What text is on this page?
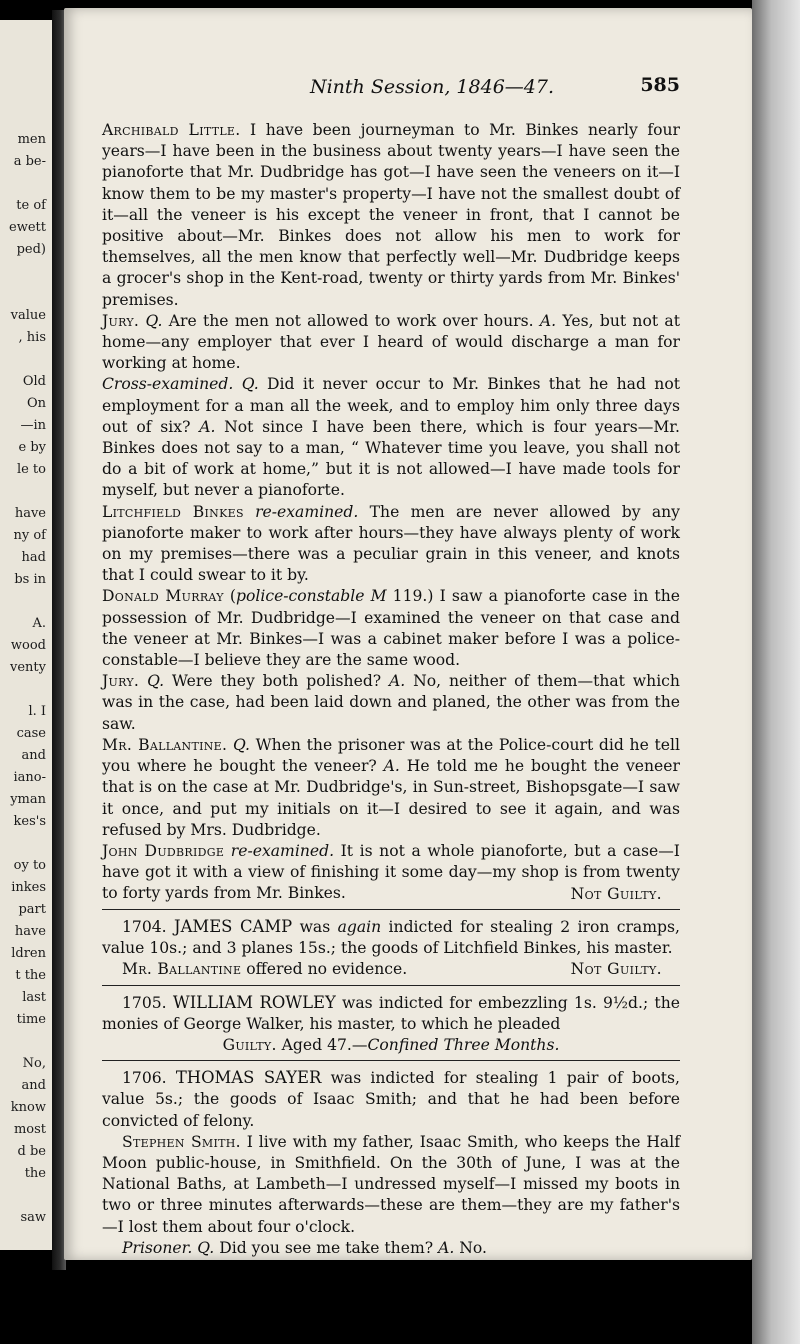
men
a be-
te of
ewett
ped)
value
, his
Old
On
—in
e by
le to
have
ny of
had
bs in
A.
wood
venty
l. I
case
and
iano-
yman
kes's
oy to
inkes
part
have
ldren
t the
last
time
No,
and
know
most
d be
the
saw
Ninth Session, 1846—47.	585

Archibald Little. I have been journeyman to Mr. Binkes nearly four years—I have been in the business about twenty years—I have seen the pianoforte that Mr. Dudbridge has got—I have seen the veneers on it—I know them to be my master's property—I have not the smallest doubt of it—all the veneer is his except the veneer in front, that I cannot be positive about—Mr. Binkes does not allow his men to work for themselves, all the men know that perfectly well—Mr. Dudbridge keeps a grocer's shop in the Kent-road, twenty or thirty yards from Mr. Binkes' premises.

Jury. Q. Are the men not allowed to work over hours. A. Yes, but not at home—any employer that ever I heard of would discharge a man for working at home.

Cross-examined. Q. Did it never occur to Mr. Binkes that he had not employment for a man all the week, and to employ him only three days out of six? A. Not since I have been there, which is four years—Mr. Binkes does not say to a man, “ Whatever time you leave, you shall not do a bit of work at home,” but it is not allowed—I have made tools for myself, but never a pianoforte.

Litchfield Binkes re-examined. The men are never allowed by any pianoforte maker to work after hours—they have always plenty of work on my premises—there was a peculiar grain in this veneer, and knots that I could swear to it by.

Donald Murray (police-constable M 119.) I saw a pianoforte case in the possession of Mr. Dudbridge—I examined the veneer on that case and the veneer at Mr. Binkes—I was a cabinet maker before I was a police-constable—I believe they are the same wood.

Jury. Q. Were they both polished? A. No, neither of them—that which was in the case, had been laid down and planed, the other was from the saw.

Mr. Ballantine. Q. When the prisoner was at the Police-court did he tell you where he bought the veneer? A. He told me he bought the veneer that is on the case at Mr. Dudbridge's, in Sun-street, Bishopsgate—I saw it once, and put my initials on it—I desired to see it again, and was refused by Mrs. Dudbridge.

John Dudbridge re-examined. It is not a whole pianoforte, but a case—I have got it with a view of finishing it some day—my shop is from twenty to forty yards from Mr. Binkes.	Not Guilty.

1704. JAMES CAMP was again indicted for stealing 2 iron cramps, value 10s.; and 3 planes 15s.; the goods of Litchfield Binkes, his master.

Mr. Ballantine offered no evidence.	Not Guilty.

1705. WILLIAM ROWLEY was indicted for embezzling 1s. 9½d.; the monies of George Walker, his master, to which he pleaded

Guilty. Aged 47.—Confined Three Months.

1706. THOMAS SAYER was indicted for stealing 1 pair of boots, value 5s.; the goods of Isaac Smith; and that he had been before convicted of felony.

Stephen Smith. I live with my father, Isaac Smith, who keeps the Half Moon public-house, in Smithfield. On the 30th of June, I was at the National Baths, at Lambeth—I undressed myself—I missed my boots in two or three minutes afterwards—these are them—they are my father's—I lost them about four o'clock.

Prisoner. Q. Did you see me take them? A. No.
